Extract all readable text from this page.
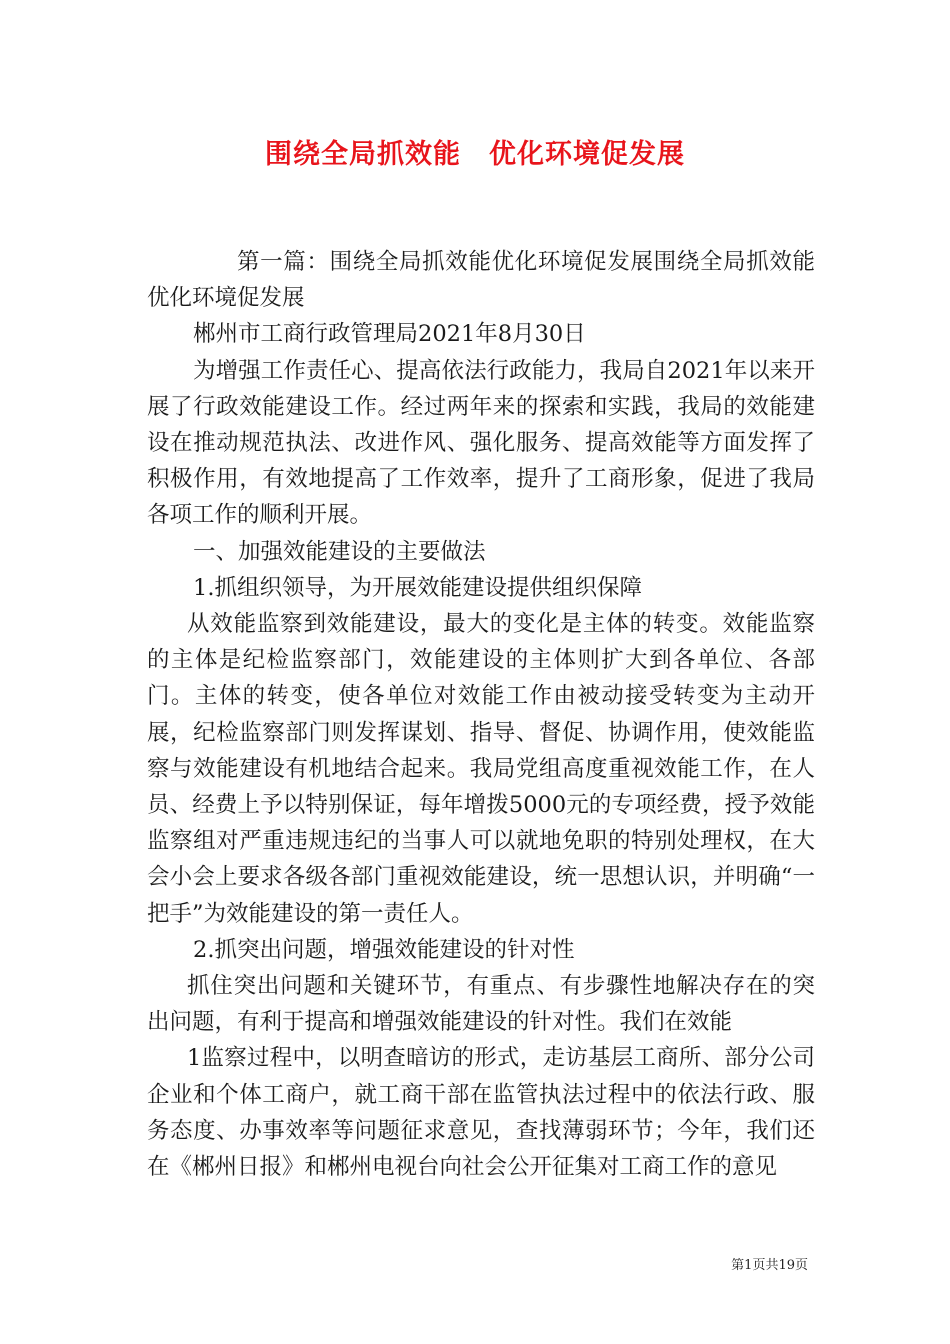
围绕全局抓效能　优化环境促发展

第一篇：围绕全局抓效能优化环境促发展围绕全局抓效能优化环境促发展

郴州市工商行政管理局2021年8月30日

为增强工作责任心、提高依法行政能力，我局自2021年以来开展了行政效能建设工作。经过两年来的探索和实践，我局的效能建设在推动规范执法、改进作风、强化服务、提高效能等方面发挥了积极作用，有效地提高了工作效率，提升了工商形象，促进了我局各项工作的顺利开展。

一、加强效能建设的主要做法

1.抓组织领导，为开展效能建设提供组织保障

从效能监察到效能建设，最大的变化是主体的转变。效能监察的主体是纪检监察部门，效能建设的主体则扩大到各单位、各部门。主体的转变，使各单位对效能工作由被动接受转变为主动开展，纪检监察部门则发挥谋划、指导、督促、协调作用，使效能监察与效能建设有机地结合起来。我局党组高度重视效能工作，在人员、经费上予以特别保证，每年增拨5000元的专项经费，授予效能监察组对严重违规违纪的当事人可以就地免职的特别处理权，在大会小会上要求各级各部门重视效能建设，统一思想认识，并明确“一把手”为效能建设的第一责任人。

2.抓突出问题，增强效能建设的针对性

抓住突出问题和关键环节，有重点、有步骤性地解决存在的突出问题，有利于提高和增强效能建设的针对性。我们在效能

1监察过程中，以明查暗访的形式，走访基层工商所、部分公司企业和个体工商户，就工商干部在监管执法过程中的依法行政、服务态度、办事效率等问题征求意见，查找薄弱环节；今年，我们还在《郴州日报》和郴州电视台向社会公开征集对工商工作的意见

第1页共19页
